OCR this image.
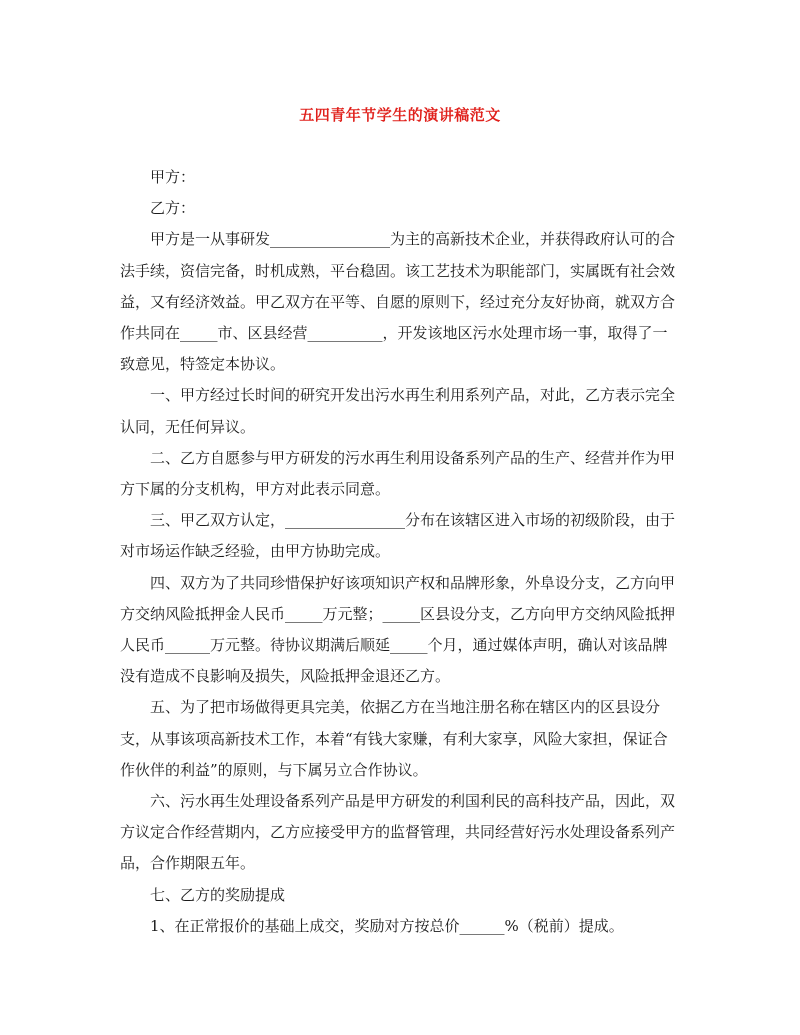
五四青年节学生的演讲稿范文

甲方：

乙方：

甲方是一从事研发________________为主的高新技术企业，并获得政府认可的合法手续，资信完备，时机成熟，平台稳固。该工艺技术为职能部门，实属既有社会效益，又有经济效益。甲乙双方在平等、自愿的原则下，经过充分友好协商，就双方合作共同在_____市、区县经营__________，开发该地区污水处理市场一事，取得了一致意见，特签定本协议。

一、甲方经过长时间的研究开发出污水再生利用系列产品，对此，乙方表示完全认同，无任何异议。

二、乙方自愿参与甲方研发的污水再生利用设备系列产品的生产、经营并作为甲方下属的分支机构，甲方对此表示同意。

三、甲乙双方认定，________________分布在该辖区进入市场的初级阶段，由于对市场运作缺乏经验，由甲方协助完成。

四、双方为了共同珍惜保护好该项知识产权和品牌形象，外阜设分支，乙方向甲方交纳风险抵押金人民币_____万元整；_____区县设分支，乙方向甲方交纳风险抵押人民币______万元整。待协议期满后顺延_____个月，通过媒体声明，确认对该品牌没有造成不良影响及损失，风险抵押金退还乙方。

五、为了把市场做得更具完美，依据乙方在当地注册名称在辖区内的区县设分支，从事该项高新技术工作，本着“有钱大家赚，有利大家享，风险大家担，保证合作伙伴的利益”的原则，与下属另立合作协议。

六、污水再生处理设备系列产品是甲方研发的利国利民的高科技产品，因此，双方议定合作经营期内，乙方应接受甲方的监督管理，共同经营好污水处理设备系列产品，合作期限五年。

七、乙方的奖励提成

1、在正常报价的基础上成交，奖励对方按总价______%（税前）提成。
